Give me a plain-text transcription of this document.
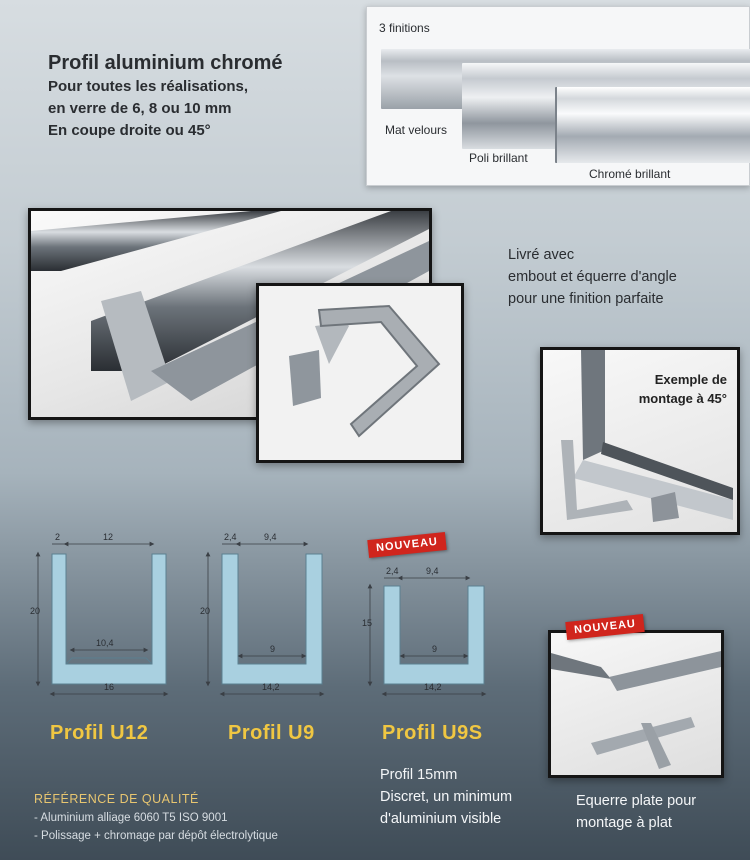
Profil aluminium chromé
Pour toutes les réalisations,
en verre de 6, 8 ou 10 mm
En coupe droite ou 45°
3 finitions
Mat velours
Poli brillant
Chromé brillant
Livré avec
embout et équerre d'angle
pour une finition parfaite
Exemple de
montage à 45°
2	12
20
10,4
16
2,4	9,4
20
9
14,2
2,4	9,4
15
9
14,2
NOUVEAU
NOUVEAU
Profil U12	Profil U9	Profil U9S
Profil 15mm
Discret, un minimum
d'aluminium visible
Equerre plate pour
montage à plat
RÉFÉRENCE DE QUALITÉ
- Aluminium alliage 6060 T5 ISO 9001
- Polissage + chromage par dépôt électrolytique
